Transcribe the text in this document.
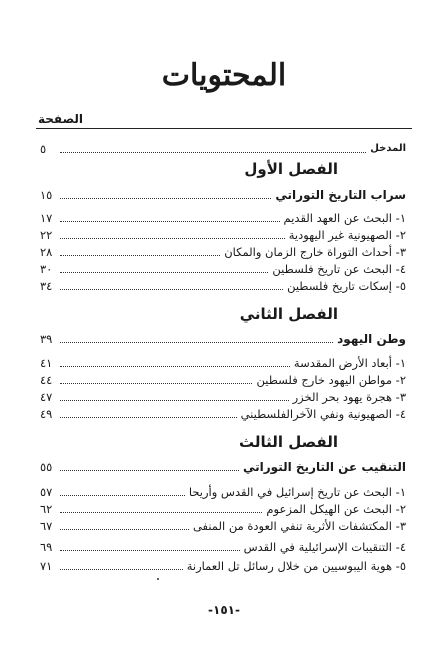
المحتويات
الصفحة
المدخل
٥
الفصل الأول
سراب التاريخ التوراتي
١٥
١- البحث عن العهد القديم
١٧
٢- الصهيونية غير اليهودية
٢٢
٣- أحداث التوراة خارج الزمان والمكان
٢٨
٤- البحث عن تاريخ فلسطين
٣٠
٥- إسكات تاريخ فلسطين
٣٤
الفصل الثاني
وطن اليهود
٣٩
١- أبعاد الأرض المقدسة
٤١
٢- مواطن اليهود خارج فلسطين
٤٤
٣- هجرة يهود بحر الخزر
٤٧
٤- الصهيونية ونفي الآخرالفلسطيني
٤٩
الفصل الثالث
التنقيب عن التاريخ التوراتي
٥٥
١- البحث عن تاريخ إسرائيل في القدس وأريحا
٥٧
٢- البحث عن الهيكل المزعوم
٦٢
٣- المكتشفات الأثرية تنفي العودة من المنفى
٦٧
٤- التنقيبات الإسرائيلية في القدس
٦٩
٥- هوية اليبوسيين من خلال رسائل تل العمارنة
٧١
-١٥١-
